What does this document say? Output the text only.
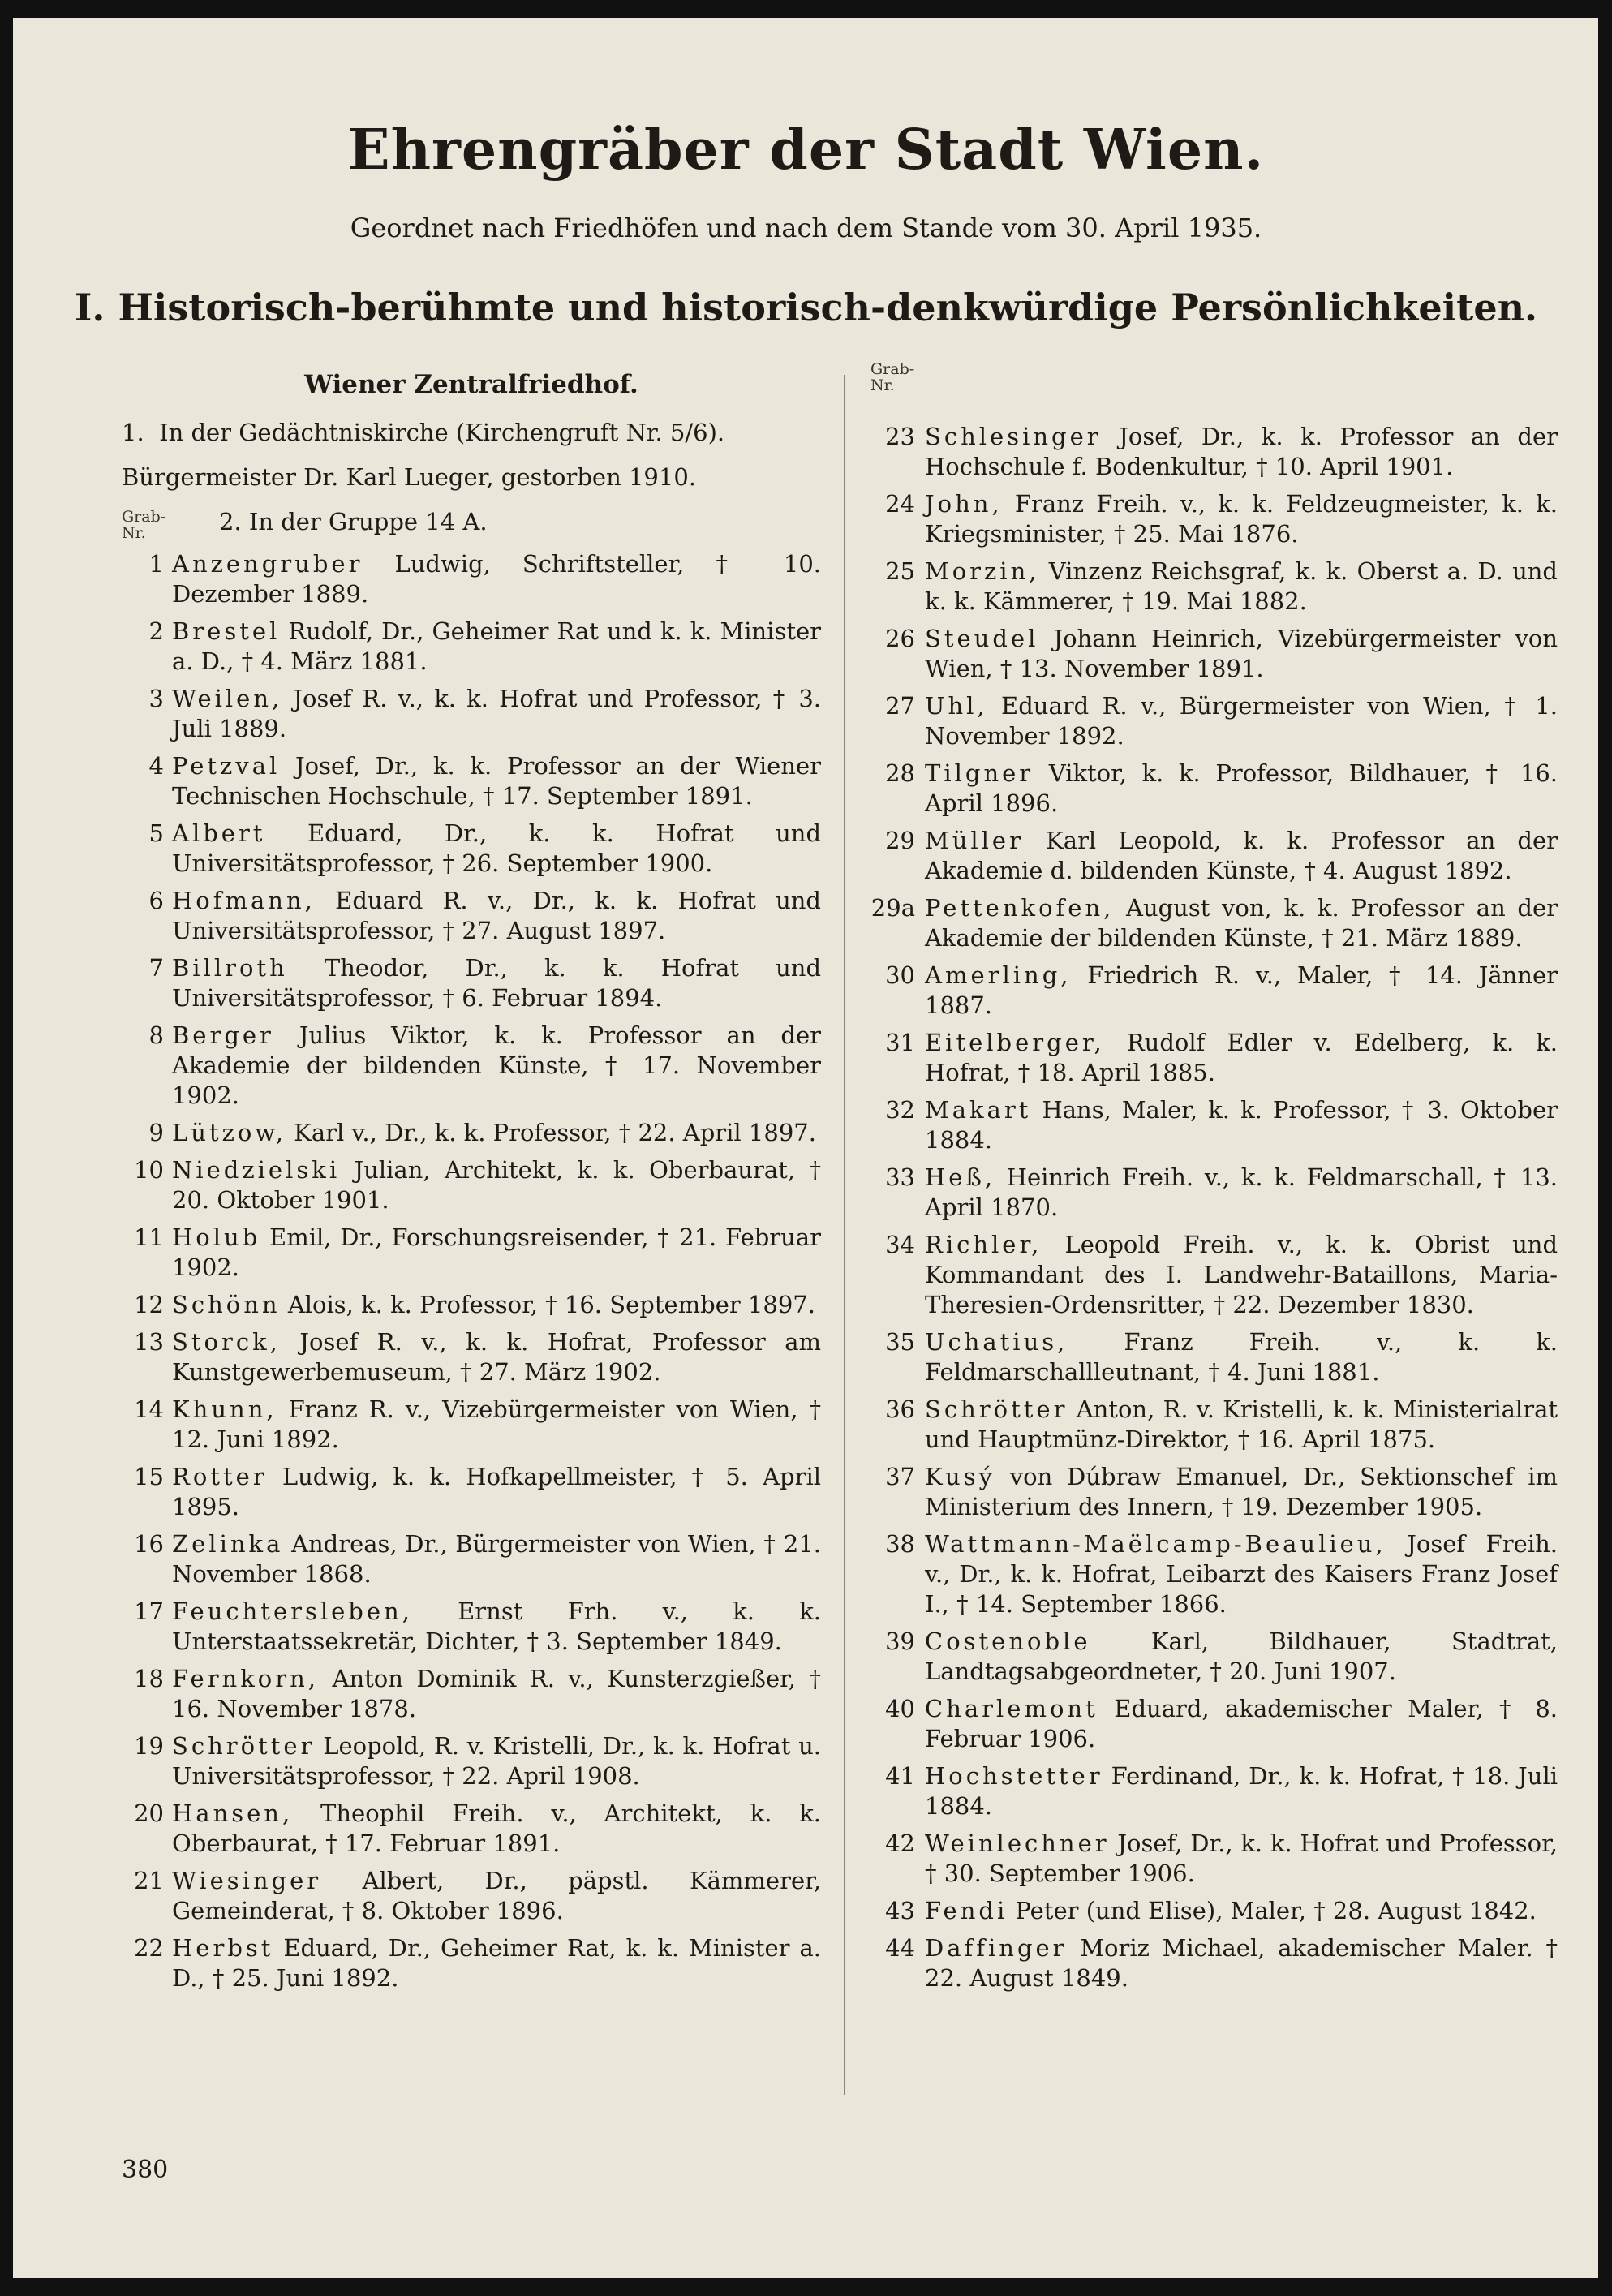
Ehrengräber der Stadt Wien.

Geordnet nach Friedhöfen und nach dem Stande vom 30. April 1935.

I. Historisch-berühmte und historisch-denkwürdige Persönlichkeiten.
Wiener Zentralfriedhof.

1. In der Gedächtniskirche (Kirchengruft Nr. 5/6).

Bürgermeister Dr. Karl Lueger, gestorben 1910.

Grab-
Nr.	2. In der Gruppe 14 A.
1 Anzengruber Ludwig, Schriftsteller, † 10. Dezember 1889.
2 Brestel Rudolf, Dr., Geheimer Rat und k. k. Minister a. D., † 4. März 1881.
3 Weilen, Josef R. v., k. k. Hofrat und Professor, † 3. Juli 1889.
4 Petzval Josef, Dr., k. k. Professor an der Wiener Technischen Hochschule, † 17. September 1891.
5 Albert Eduard, Dr., k. k. Hofrat und Universitätsprofessor, † 26. September 1900.
6 Hofmann, Eduard R. v., Dr., k. k. Hofrat und Universitätsprofessor, † 27. August 1897.
7 Billroth Theodor, Dr., k. k. Hofrat und Universitätsprofessor, † 6. Februar 1894.
8 Berger Julius Viktor, k. k. Professor an der Akademie der bildenden Künste, † 17. November 1902.
9 Lützow, Karl v., Dr., k. k. Professor, † 22. April 1897.
10 Niedzielski Julian, Architekt, k. k. Oberbaurat, † 20. Oktober 1901.
11 Holub Emil, Dr., Forschungsreisender, † 21. Februar 1902.
12 Schönn Alois, k. k. Professor, † 16. September 1897.
13 Storck, Josef R. v., k. k. Hofrat, Professor am Kunstgewerbemuseum, † 27. März 1902.
14 Khunn, Franz R. v., Vizebürgermeister von Wien, † 12. Juni 1892.
15 Rotter Ludwig, k. k. Hofkapellmeister, † 5. April 1895.
16 Zelinka Andreas, Dr., Bürgermeister von Wien, † 21. November 1868.
17 Feuchtersleben, Ernst Frh. v., k. k. Unterstaatssekretär, Dichter, † 3. September 1849.
18 Fernkorn, Anton Dominik R. v., Kunsterzgießer, † 16. November 1878.
19 Schrötter Leopold, R. v. Kristelli, Dr., k. k. Hofrat u. Universitätsprofessor, † 22. April 1908.
20 Hansen, Theophil Freih. v., Architekt, k. k. Oberbaurat, † 17. Februar 1891.
21 Wiesinger Albert, Dr., päpstl. Kämmerer, Gemeinderat, † 8. Oktober 1896.
22 Herbst Eduard, Dr., Geheimer Rat, k. k. Minister a. D., † 25. Juni 1892.
Grab-
Nr.
23 Schlesinger Josef, Dr., k. k. Professor an der Hochschule f. Bodenkultur, † 10. April 1901.
24 John, Franz Freih. v., k. k. Feldzeugmeister, k. k. Kriegsminister, † 25. Mai 1876.
25 Morzin, Vinzenz Reichsgraf, k. k. Oberst a. D. und k. k. Kämmerer, † 19. Mai 1882.
26 Steudel Johann Heinrich, Vizebürgermeister von Wien, † 13. November 1891.
27 Uhl, Eduard R. v., Bürgermeister von Wien, † 1. November 1892.
28 Tilgner Viktor, k. k. Professor, Bildhauer, † 16. April 1896.
29 Müller Karl Leopold, k. k. Professor an der Akademie d. bildenden Künste, † 4. August 1892.
29a Pettenkofen, August von, k. k. Professor an der Akademie der bildenden Künste, † 21. März 1889.
30 Amerling, Friedrich R. v., Maler, † 14. Jänner 1887.
31 Eitelberger, Rudolf Edler v. Edelberg, k. k. Hofrat, † 18. April 1885.
32 Makart Hans, Maler, k. k. Professor, † 3. Oktober 1884.
33 Heß, Heinrich Freih. v., k. k. Feldmarschall, † 13. April 1870.
34 Richler, Leopold Freih. v., k. k. Obrist und Kommandant des I. Landwehr-Bataillons, Maria-Theresien-Ordensritter, † 22. Dezember 1830.
35 Uchatius, Franz Freih. v., k. k. Feldmarschallleutnant, † 4. Juni 1881.
36 Schrötter Anton, R. v. Kristelli, k. k. Ministerialrat und Hauptmünz-Direktor, † 16. April 1875.
37 Kusý von Dúbraw Emanuel, Dr., Sektionschef im Ministerium des Innern, † 19. Dezember 1905.
38 Wattmann-Maëlcamp-Beaulieu, Josef Freih. v., Dr., k. k. Hofrat, Leibarzt des Kaisers Franz Josef I., † 14. September 1866.
39 Costenoble	Karl, Bildhauer, Stadtrat, Landtagsabgeordneter, † 20. Juni 1907.
40 Charlemont Eduard, akademischer Maler, † 8. Februar 1906.
41 Hochstetter Ferdinand, Dr., k. k. Hofrat, † 18. Juli 1884.
42 Weinlechner Josef, Dr., k. k. Hofrat und Professor, † 30. September 1906.
43 Fendi Peter (und Elise), Maler, † 28. August 1842.
44 Daffinger Moriz Michael, akademischer Maler. † 22. August 1849.

380
